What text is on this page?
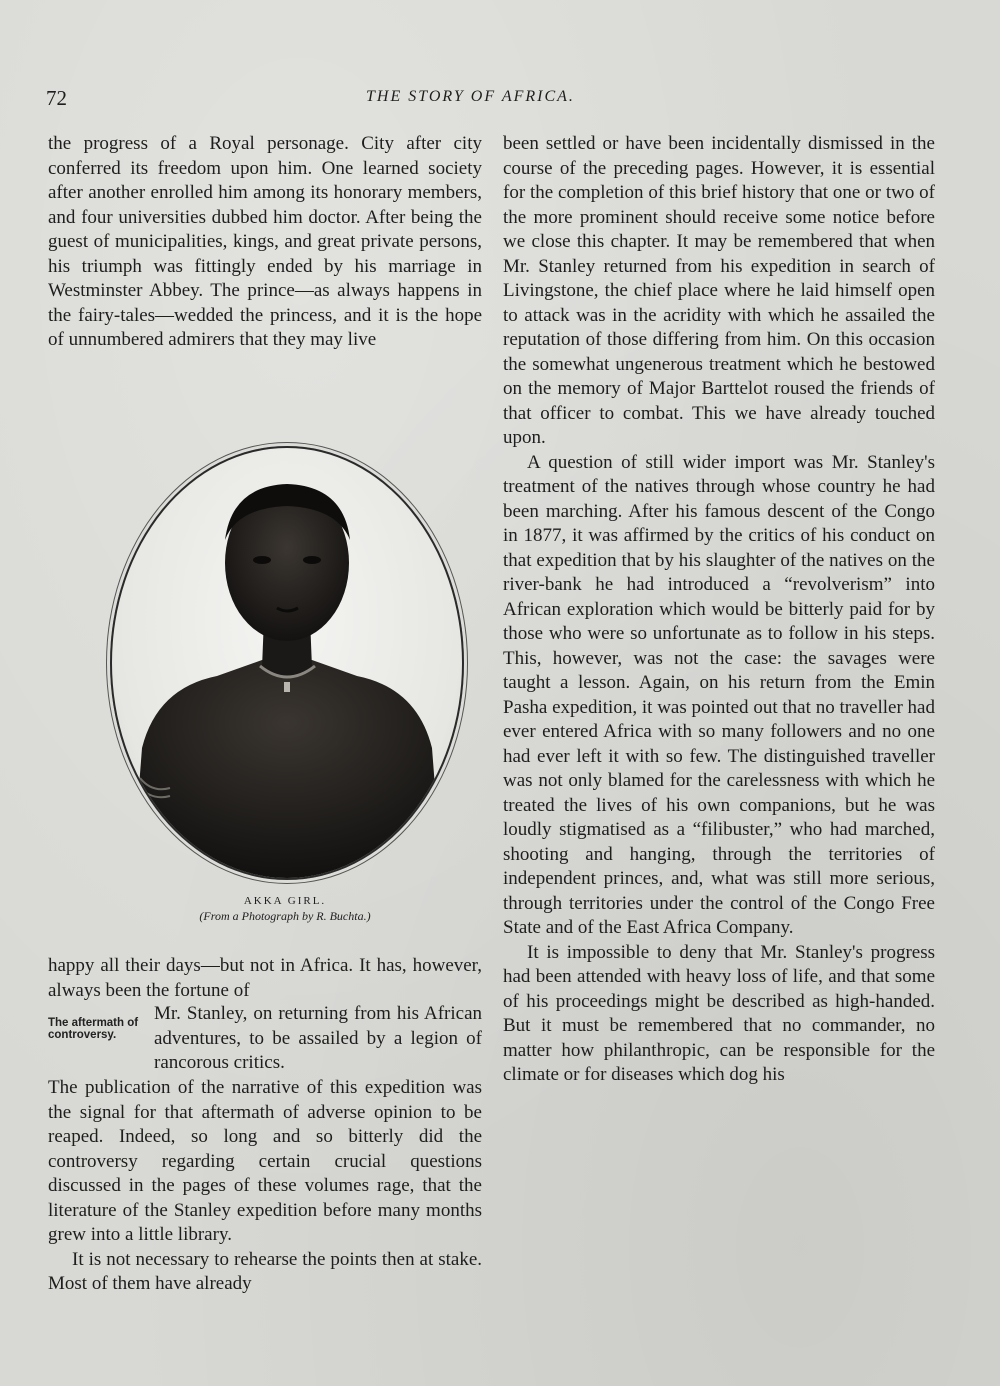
72	THE STORY OF AFRICA.

the progress of a Royal personage. City after city conferred its freedom upon him. One learned society after another enrolled him among its honorary members, and four universities dubbed him doctor. After being the guest of municipalities, kings, and great private persons, his triumph was fittingly ended by his marriage in Westminster Abbey. The prince—as always happens in the fairy-tales—wedded the princess, and it is the hope of unnumbered admirers that they may live

AKKA GIRL.
(From a Photograph by R. Buchta.)

happy all their days—but not in Africa. It has, however, always been the fortune of

The aftermath of controversy.

Mr. Stanley, on returning from his African adventures, to be assailed by a legion of rancorous critics.

The publication of the narrative of this expedition was the signal for that aftermath of adverse opinion to be reaped. Indeed, so long and so bitterly did the controversy regarding certain crucial questions discussed in the pages of these volumes rage, that the literature of the Stanley expedition before many months grew into a little library.

It is not necessary to rehearse the points then at stake. Most of them have already

been settled or have been incidentally dismissed in the course of the preceding pages. However, it is essential for the completion of this brief history that one or two of the more prominent should receive some notice before we close this chapter. It may be remembered that when Mr. Stanley returned from his expedition in search of Livingstone, the chief place where he laid himself open to attack was in the acridity with which he assailed the reputation of those differing from him. On this occasion the somewhat ungenerous treatment which he bestowed on the memory of Major Barttelot roused the friends of that officer to combat. This we have already touched upon.

A question of still wider import was Mr. Stanley's treatment of the natives through whose country he had been marching. After his famous descent of the Congo in 1877, it was affirmed by the critics of his conduct on that expedition that by his slaughter of the natives on the river-bank he had introduced a “revolverism” into African exploration which would be bitterly paid for by those who were so unfortunate as to follow in his steps. This, however, was not the case: the savages were taught a lesson. Again, on his return from the Emin Pasha expedition, it was pointed out that no traveller had ever entered Africa with so many followers and no one had ever left it with so few. The distinguished traveller was not only blamed for the carelessness with which he treated the lives of his own companions, but he was loudly stigmatised as a “filibuster,” who had marched, shooting and hanging, through the territories of independent princes, and, what was still more serious, through territories under the control of the Congo Free State and of the East Africa Company.

It is impossible to deny that Mr. Stanley's progress had been attended with heavy loss of life, and that some of his proceedings might be described as high-handed. But it must be remembered that no commander, no matter how philanthropic, can be responsible for the climate or for diseases which dog his
